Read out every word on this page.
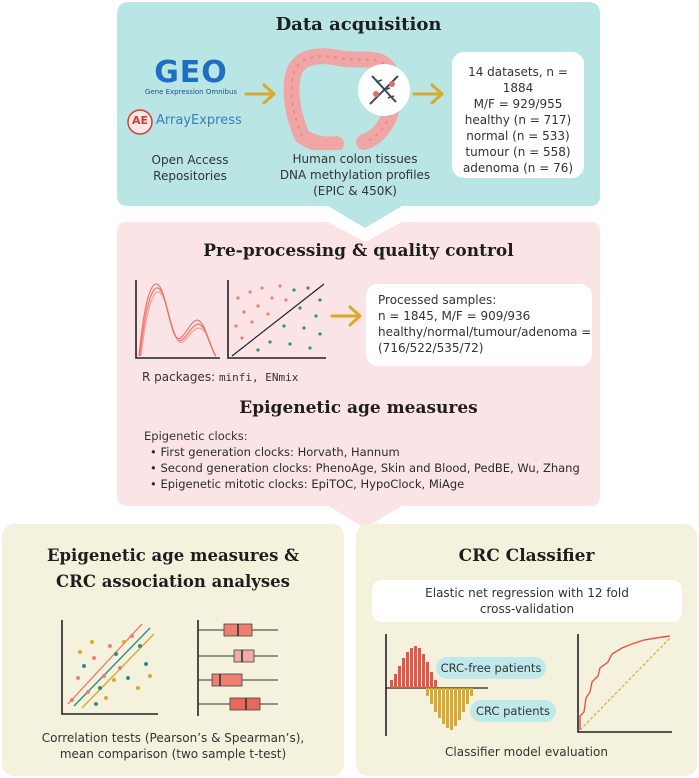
Data acquisition
GEO
Gene Expression Omnibus
AE ArrayExpress
Open Access Repositories
Human colon tissues
DNA methylation profiles
(EPIC & 450K)
14 datasets, n = 1884
M/F = 929/955
healthy (n = 717)
normal (n = 533)
tumour (n = 558)
adenoma (n = 76)
Pre-processing & quality control
Processed samples:
n = 1845, M/F = 909/936
healthy/normal/tumour/adenoma =
(716/522/535/72)
R packages: minfi, ENmix
Epigenetic age measures
Epigenetic clocks:
• First generation clocks: Horvath, Hannum
• Second generation clocks: PhenoAge, Skin and Blood, PedBE, Wu, Zhang
• Epigenetic mitotic clocks: EpiTOC, HypoClock, MiAge
Epigenetic age measures &
CRC association analyses
Correlation tests (Pearson’s & Spearman’s),
mean comparison (two sample t-test)
CRC Classifier
Elastic net regression with 12 fold
cross-validation
CRC-free patients
CRC patients
Classifier model evaluation
